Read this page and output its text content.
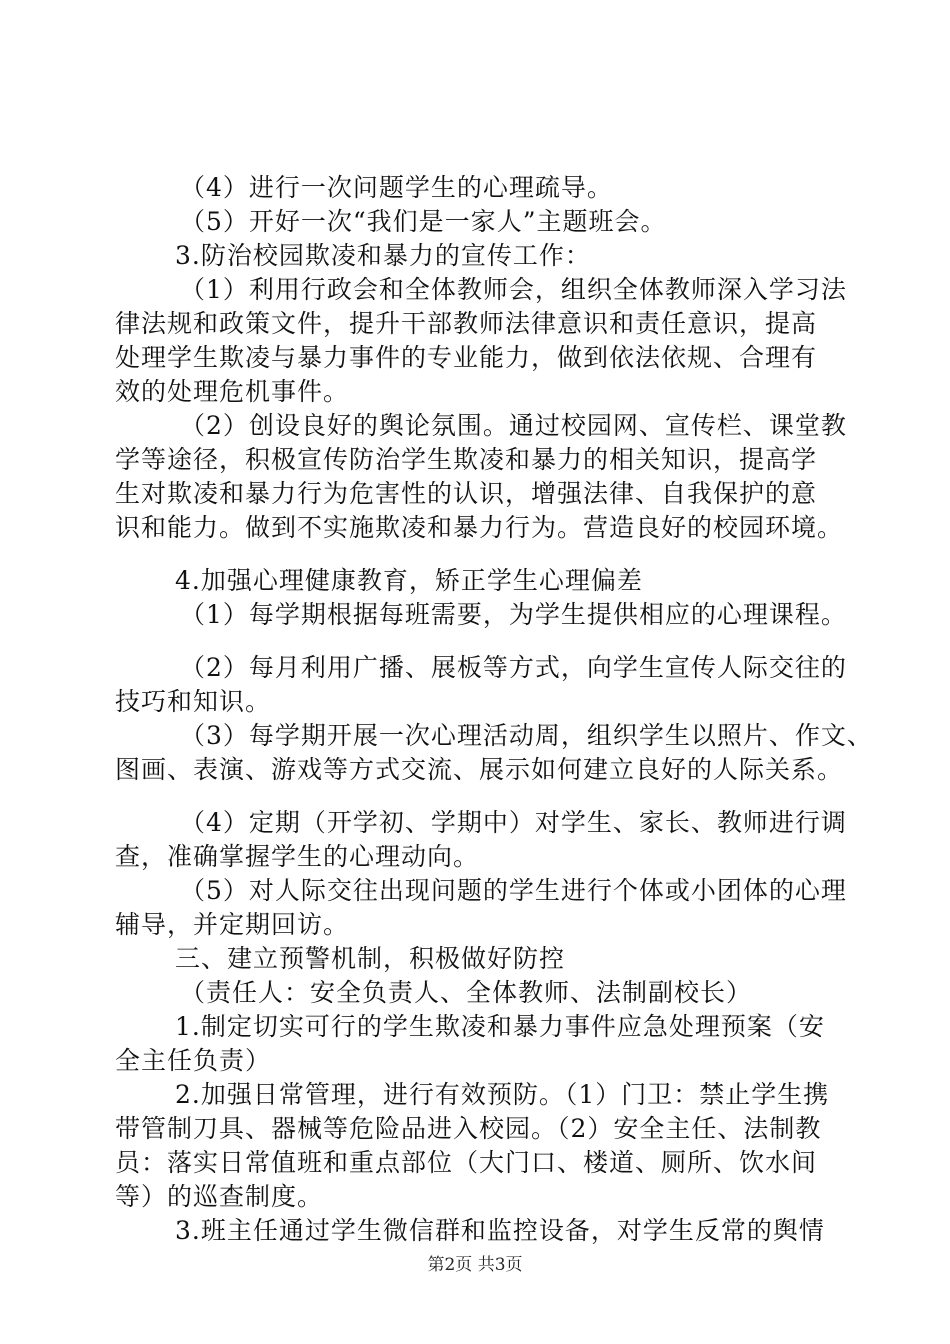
（4）进行一次问题学生的心理疏导。
（5）开好一次“我们是一家人”主题班会。
3.防治校园欺凌和暴力的宣传工作：
（1）利用行政会和全体教师会，组织全体教师深入学习法
律法规和政策文件，提升干部教师法律意识和责任意识，提高
处理学生欺凌与暴力事件的专业能力，做到依法依规、合理有
效的处理危机事件。
（2）创设良好的舆论氛围。通过校园网、宣传栏、课堂教
学等途径，积极宣传防治学生欺凌和暴力的相关知识，提高学
生对欺凌和暴力行为危害性的认识，增强法律、自我保护的意
识和能力。做到不实施欺凌和暴力行为。营造良好的校园环境。
4.加强心理健康教育，矫正学生心理偏差
（1）每学期根据每班需要，为学生提供相应的心理课程。
（2）每月利用广播、展板等方式，向学生宣传人际交往的
技巧和知识。
（3）每学期开展一次心理活动周，组织学生以照片、作文、
图画、表演、游戏等方式交流、展示如何建立良好的人际关系。
（4）定期（开学初、学期中）对学生、家长、教师进行调
查，准确掌握学生的心理动向。
（5）对人际交往出现问题的学生进行个体或小团体的心理
辅导，并定期回访。
三、建立预警机制，积极做好防控
（责任人：安全负责人、全体教师、法制副校长）
1.制定切实可行的学生欺凌和暴力事件应急处理预案（安
全主任负责）
2.加强日常管理，进行有效预防。（1）门卫：禁止学生携
带管制刀具、器械等危险品进入校园。（2）安全主任、法制教
员：落实日常值班和重点部位（大门口、楼道、厕所、饮水间
等）的巡查制度。
3.班主任通过学生微信群和监控设备，对学生反常的舆情
第2页 共3页
